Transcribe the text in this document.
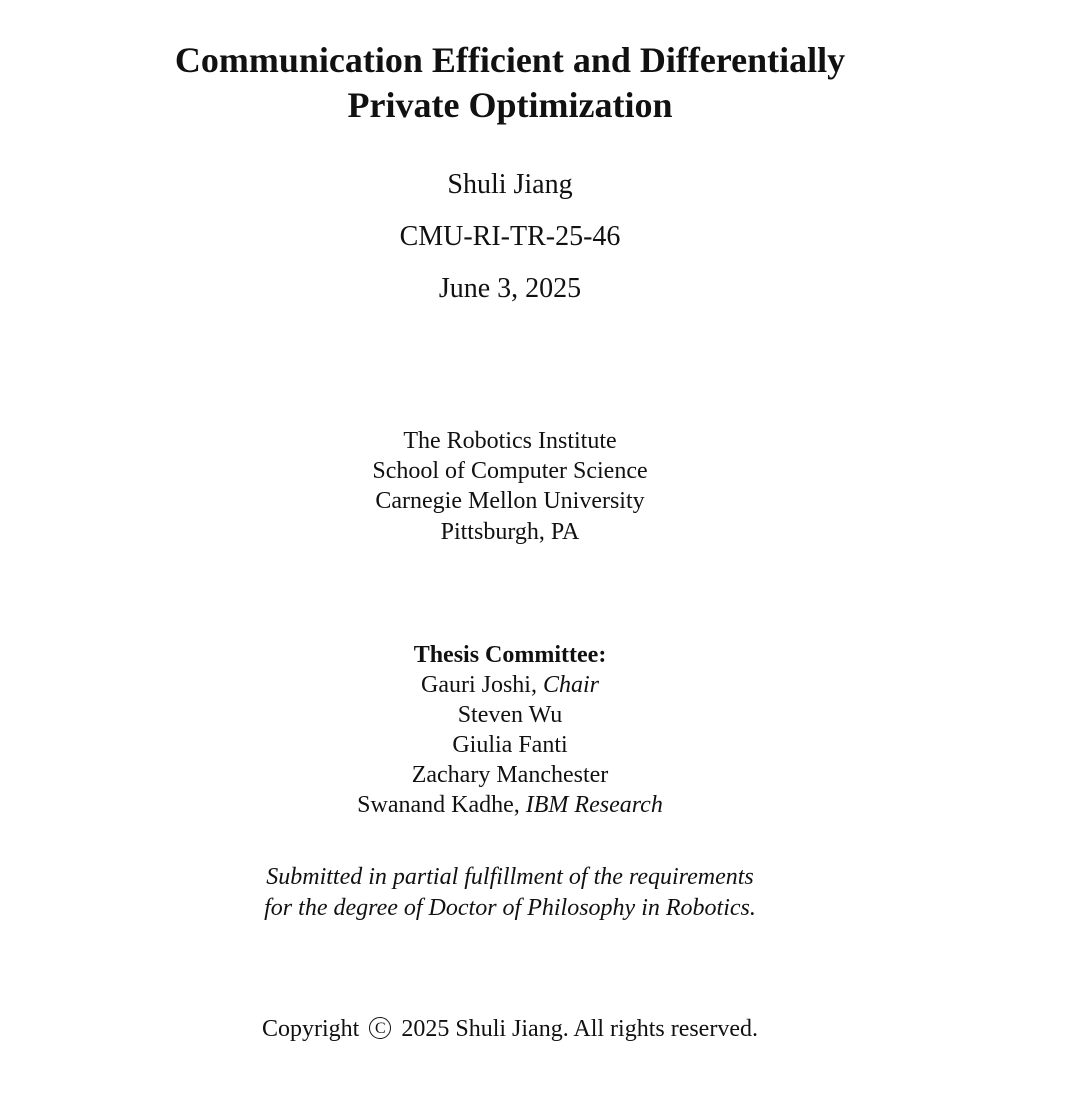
Communication Efficient and Differentially
Private Optimization
Shuli Jiang
CMU-RI-TR-25-46
June 3, 2025
The Robotics Institute
School of Computer Science
Carnegie Mellon University
Pittsburgh, PA
Thesis Committee:
Gauri Joshi, Chair
Steven Wu
Giulia Fanti
Zachary Manchester
Swanand Kadhe, IBM Research
Submitted in partial fulfillment of the requirements
for the degree of Doctor of Philosophy in Robotics.
Copyright C 2025 Shuli Jiang. All rights reserved.
